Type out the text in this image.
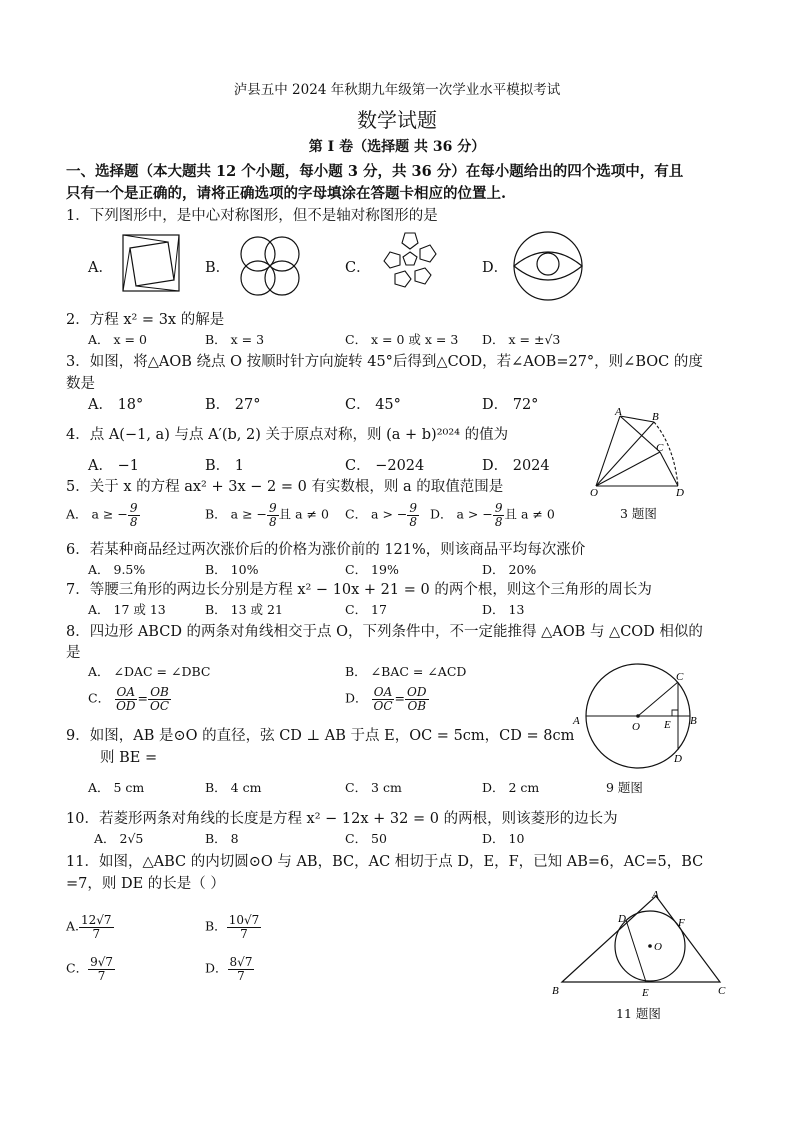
泸县五中 2024 年秋期九年级第一次学业水平模拟考试
数学试题
第 I 卷（选择题 共 36 分）
一、选择题（本大题共 12 个小题，每小题 3 分，共 36 分）在每小题给出的四个选项中，有且
只有一个是正确的，请将正确选项的字母填涂在答题卡相应的位置上.
1．下列图形中，是中心对称图形，但不是轴对称图形的是
A．	B．	C．	D．
2．方程 x² = 3x 的解是
A． x = 0	B． x = 3	C． x = 0 或 x = 3 D． x = ±√3
3．如图，将△AOB 绕点 O 按顺时针方向旋转 45°后得到△COD，若∠AOB=27°，则∠BOC 的度
数是
A． 18°	B． 27°	C． 45°	D． 72°	A	B
C
O	D
4．点 A(−1, a) 与点 A′(b, 2) 关于原点对称，则 (a + b)²⁰²⁴ 的值为
A． −1	B． 1	C． −2024	D． 2024
5．关于 x 的方程 ax² + 3x − 2 = 0 有实数根，则 a 的取值范围是
A． a ≥ − $\frac{9}{8}$	B． a ≥ − $\frac{9}{8}$ 且 a ≠ 0 C． a > − $\frac{9}{8}$ D． a > − $\frac{9}{8}$ 且 a ≠ 0	3 题图
6．若某种商品经过两次涨价后的价格为涨价前的 121%，则该商品平均每次涨价
A． 9.5%	B． 10%	C． 19%	D． 20%
7．等腰三角形的两边长分别是方程 x² − 10x + 21 = 0 的两个根，则这个三角形的周长为
A． 17 或 13	B． 13 或 21	C． 17	D． 13
8．四边形 ABCD 的两条对角线相交于点 O，下列条件中，不一定能推得 △AOB 与 △COD 相似的
是
A． ∠DAC = ∠DBC	B． ∠BAC = ∠ACD
C． $\frac{OA}{OD} = \frac{OB}{OC}$	D． $\frac{OA}{OC} = \frac{OD}{OB}$
A	B
C
D
O E
9 题图
9．如图，AB 是⊙O 的直径，弦 CD ⊥ AB 于点 E，OC = 5cm，CD = 8cm
则 BE =
A． 5 cm	B． 4 cm	C． 3 cm	D． 2 cm
10．若菱形两条对角线的长度是方程 x² − 12x + 32 = 0 的两根，则该菱形的边长为
A． 2√5	B． 8	C． 50	D． 10
11．如图，△ABC 的内切圆⊙O 与 AB，BC，AC 相切于点 D，E，F，已知 AB=6，AC=5，BC
=7，则 DE 的长是（ ）
A. $\frac{12√7}{7}$	B． $\frac{10√7}{7}$
C． $\frac{9√7}{7}$	D． $\frac{8√7}{7}$
A
B	C
D
E
F
O
11 题图
